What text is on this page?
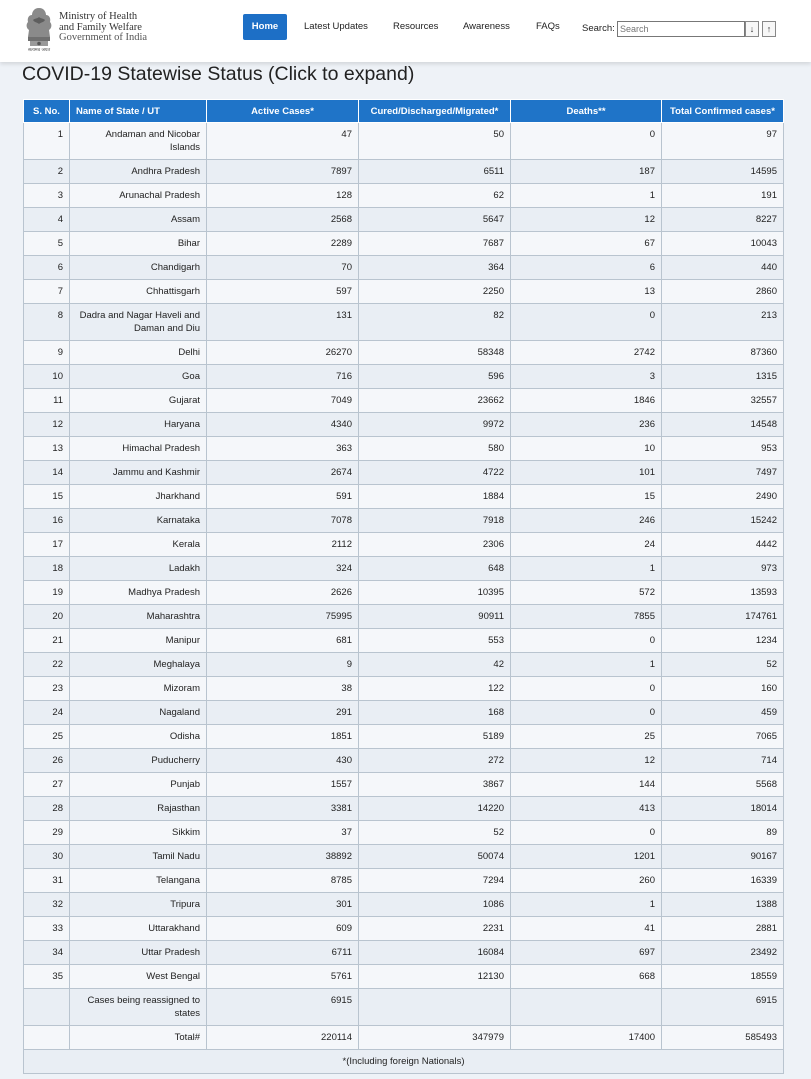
सत्यमेव जयते
Ministry of Health
and Family Welfare
Government of India
Home	Latest Updates	Resources	Awareness	FAQs Search:
Search	↓	↑
COVID-19 Statewise Status (Click to expand)
S. No.	Name of State / UT	Active Cases*	Cured/Discharged/Migrated*	Deaths**	Total Confirmed cases*
1	Andaman and Nicobar Islands	47	50	0	97
2	Andhra Pradesh	7897	6511	187	14595
3	Arunachal Pradesh	128	62	1	191
4	Assam	2568	5647	12	8227
5	Bihar	2289	7687	67	10043
6	Chandigarh	70	364	6	440
7	Chhattisgarh	597	2250	13	2860
8	Dadra and Nagar Haveli and Daman and Diu	131	82	0	213
9	Delhi	26270	58348	2742	87360
10	Goa	716	596	3	1315
11	Gujarat	7049	23662	1846	32557
12	Haryana	4340	9972	236	14548
13	Himachal Pradesh	363	580	10	953
14	Jammu and Kashmir	2674	4722	101	7497
15	Jharkhand	591	1884	15	2490
16	Karnataka	7078	7918	246	15242
17	Kerala	2112	2306	24	4442
18	Ladakh	324	648	1	973
19	Madhya Pradesh	2626	10395	572	13593
20	Maharashtra	75995	90911	7855	174761
21	Manipur	681	553	0	1234
22	Meghalaya	9	42	1	52
23	Mizoram	38	122	0	160
24	Nagaland	291	168	0	459
25	Odisha	1851	5189	25	7065
26	Puducherry	430	272	12	714
27	Punjab	1557	3867	144	5568
28	Rajasthan	3381	14220	413	18014
29	Sikkim	37	52	0	89
30	Tamil Nadu	38892	50074	1201	90167
31	Telangana	8785	7294	260	16339
32	Tripura	301	1086	1	1388
33	Uttarakhand	609	2231	41	2881
34	Uttar Pradesh	6711	16084	697	23492
35	West Bengal	5761	12130	668	18559
	Cases being reassigned to states	6915			6915
	Total#	220114	347979	17400	585493
*(Including foreign Nationals)					
